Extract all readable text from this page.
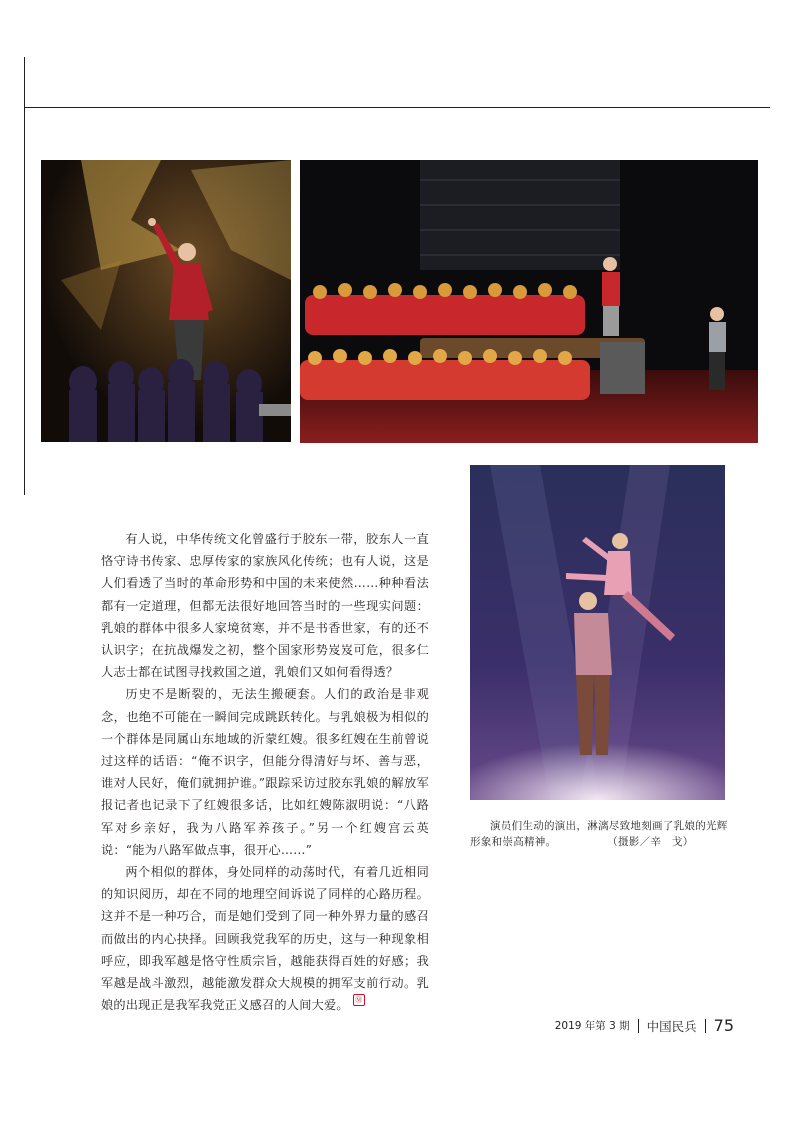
演员们生动的演出，淋漓尽致地刻画了乳娘的光辉

形象和崇高精神。	（摄影／辛　戈）

有人说，中华传统文化曾盛行于胶东一带，胶东人一直恪守诗书传家、忠厚传家的家族风化传统；也有人说，这是人们看透了当时的革命形势和中国的未来使然……种种看法都有一定道理，但都无法很好地回答当时的一些现实问题：乳娘的群体中很多人家境贫寒，并不是书香世家，有的还不认识字；在抗战爆发之初，整个国家形势岌岌可危，很多仁人志士都在试图寻找救国之道，乳娘们又如何看得透？

历史不是断裂的，无法生搬硬套。人们的政治是非观念，也绝不可能在一瞬间完成跳跃转化。与乳娘极为相似的一个群体是同属山东地域的沂蒙红嫂。很多红嫂在生前曾说过这样的话语：“俺不识字，但能分得清好与坏、善与恶，谁对人民好，俺们就拥护谁。”跟踪采访过胶东乳娘的解放军报记者也记录下了红嫂很多话，比如红嫂陈淑明说：“八路军对乡亲好，我为八路军养孩子。”另一个红嫂宫云英说：“能为八路军做点事，很开心……”

两个相似的群体，身处同样的动荡时代，有着几近相同的知识阅历，却在不同的地理空间诉说了同样的心路历程。这并不是一种巧合，而是她们受到了同一种外界力量的感召而做出的内心抉择。回顾我党我军的历史，这与一种现象相呼应，即我军越是恪守性质宗旨，越能获得百姓的好感；我军越是战斗激烈，越能激发群众大规模的拥军支前行动。乳娘的出现正是我军我党正义感召的人间大爱。 Ⓜ

2019 年第 3 期 中国民兵 75
